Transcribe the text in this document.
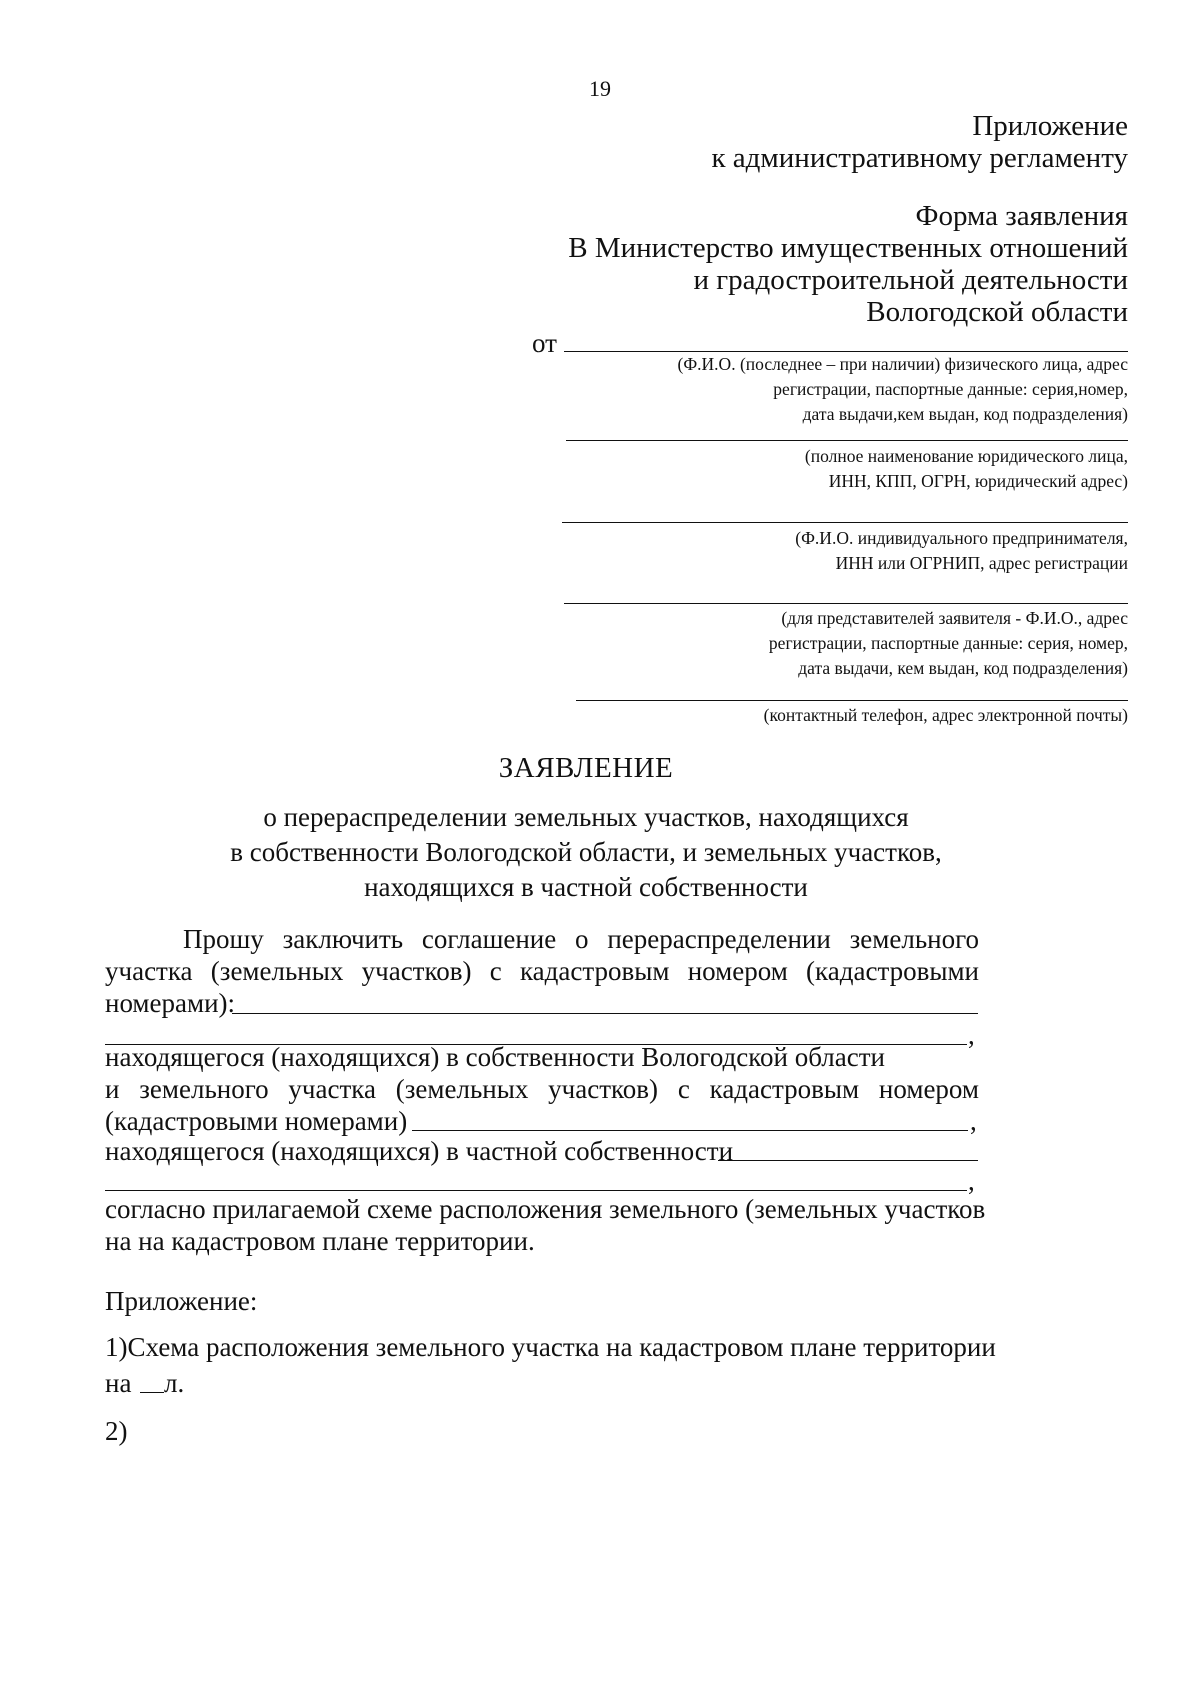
19
Приложение
к административному регламенту
Форма заявления
В Министерство имущественных отношений
и градостроительной деятельности
Вологодской области
от
(Ф.И.О. (последнее – при наличии) физического лица, адрес
регистрации, паспортные данные: серия,номер,
дата выдачи,кем выдан, код подразделения)
(полное наименование юридического лица,
ИНН, КПП, ОГРН, юридический адрес)
(Ф.И.О. индивидуального предпринимателя,
ИНН или ОГРНИП, адрес регистрации
(для представителей заявителя - Ф.И.О., адрес
регистрации, паспортные данные: серия, номер,
дата выдачи, кем выдан, код подразделения)
(контактный телефон, адрес электронной почты)
ЗАЯВЛЕНИЕ
о перераспределении земельных участков, находящихся
в собственности Вологодской области, и земельных участков,
находящихся в частной собственности
Прошу заключить соглашение о перераспределении земельного
участка (земельных участков) с кадастровым номером (кадастровыми
номерами):
,
находящегося (находящихся) в собственности Вологодской области
и земельного участка (земельных участков) с кадастровым номером
(кадастровыми номерами)	,
находящегося (находящихся) в частной собственности
,
согласно прилагаемой схеме расположения земельного (земельных участков
на на кадастровом плане территории.
Приложение:
1)Схема расположения земельного участка на кадастровом плане территории
на л.
2)
